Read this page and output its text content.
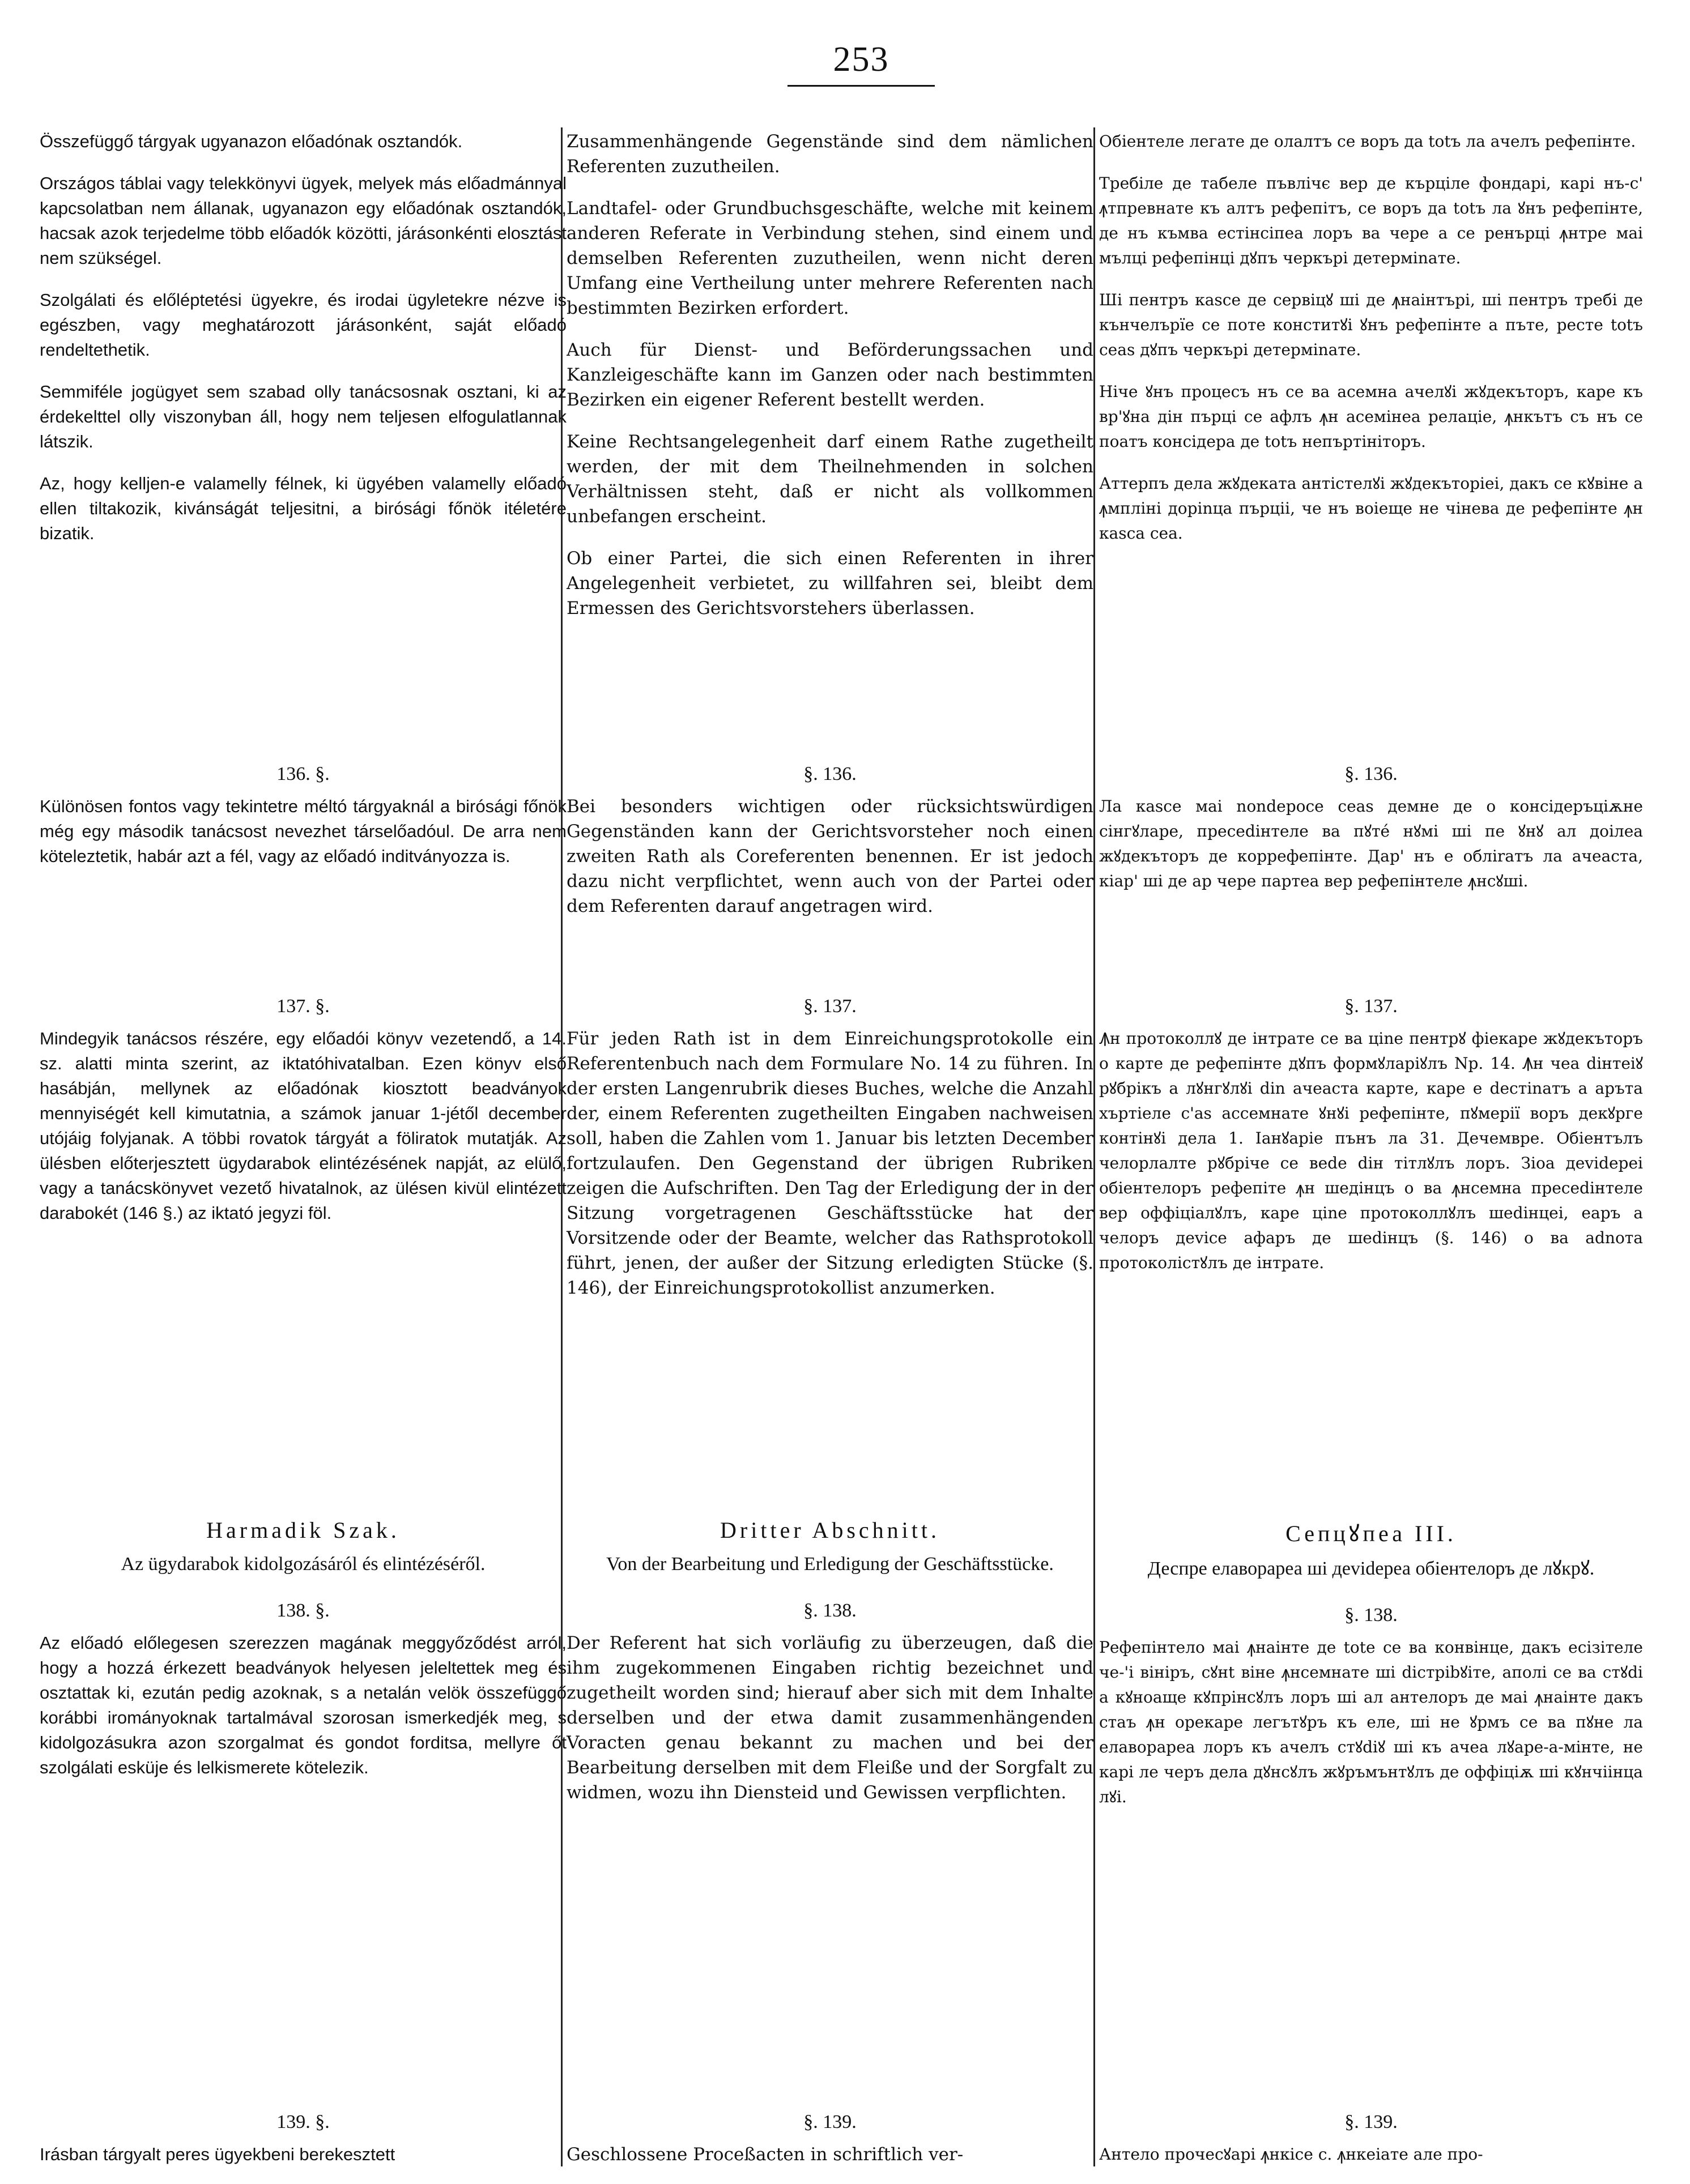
253

Összefüggő tárgyak ugyanazon előadónak osztandók.

Országos táblai vagy telekkönyvi ügyek, melyek más előadmánnyal kapcsolatban nem állanak, ugyanazon egy előadónak osztandók, hacsak azok terjedelme több előadók közötti, járásonkénti elosztást nem szükségel.

Szolgálati és előléptetési ügyekre, és irodai ügyletekre nézve is egészben, vagy meghatározott járásonként, saját előadó rendeltethetik.

Semmiféle jogügyet sem szabad olly tanácsosnak osztani, ki az érdekelttel olly viszonyban áll, hogy nem teljesen elfogulatlannak látszik.

Az, hogy kelljen-e valamelly félnek, ki ügyében valamelly előadó ellen tiltakozik, kivánságát teljesitni, a birósági főnök itéletére bizatik.

136. §.

Különösen fontos vagy tekintetre méltó tárgyaknál a birósági főnök még egy második tanácsost nevezhet társelőadóul. De arra nem köteleztetik, habár azt a fél, vagy az előadó inditványozza is.

137. §.

Mindegyik tanácsos részére, egy előadói könyv vezetendő, a 14. sz. alatti minta szerint, az iktatóhivatalban. Ezen könyv első hasábján, mellynek az előadónak kiosztott beadványok mennyiségét kell kimutatnia, a számok januar 1-jétől december utójáig folyjanak. A többi rovatok tárgyát a föliratok mutatják. Az ülésben előterjesztett ügydarabok elintézésének napját, az elülő, vagy a tanácskönyvet vezető hivatalnok, az ülésen kivül elintézett darabokét (146 §.) az iktató jegyzi föl.

Harmadik Szak.
Az ügydarabok kidolgozásáról és elintézéséről.
138. §.

Az előadó előlegesen szerezzen magának meggyőződést arról, hogy a hozzá érkezett beadványok helyesen jeleltettek meg és osztattak ki, ezután pedig azoknak, s a netalán velök összefüggő korábbi irományoknak tartalmával szorosan ismerkedjék meg, s kidolgozásukra azon szorgalmat és gondot forditsa, mellyre őt szolgálati esküje és lelkismerete kötelezik.

139. §.

Irásban tárgyalt peres ügyekbeni berekesztett

Zusammenhängende Gegenstände sind dem nämlichen Referenten zuzutheilen.

Landtafel- oder Grundbuchsgeschäfte, welche mit keinem anderen Referate in Verbindung stehen, sind einem und demselben Referenten zuzutheilen, wenn nicht deren Umfang eine Vertheilung unter mehrere Referenten nach bestimmten Bezirken erfordert.

Auch für Dienst- und Beförderungssachen und Kanzleigeschäfte kann im Ganzen oder nach bestimmten Bezirken ein eigener Referent bestellt werden.

Keine Rechtsangelegenheit darf einem Rathe zugetheilt werden, der mit dem Theilnehmenden in solchen Verhältnissen steht, daß er nicht als vollkommen unbefangen erscheint.

Ob einer Partei, die sich einen Referenten in ihrer Angelegenheit verbietet, zu willfahren sei, bleibt dem Ermessen des Gerichtsvorstehers überlassen.

§. 136.

Bei besonders wichtigen oder rücksichtswürdigen Gegenständen kann der Gerichtsvorsteher noch einen zweiten Rath als Coreferenten benennen. Er ist jedoch dazu nicht verpflichtet, wenn auch von der Partei oder dem Referenten darauf angetragen wird.

§. 137.

Für jeden Rath ist in dem Einreichungsprotokolle ein Referentenbuch nach dem Formulare No. 14 zu führen. In der ersten Langenrubrik dieses Buches, welche die Anzahl der, einem Referenten zugetheilten Eingaben nachweisen soll, haben die Zahlen vom 1. Januar bis letzten December fortzulaufen. Den Gegenstand der übrigen Rubriken zeigen die Aufschriften. Den Tag der Erledigung der in der Sitzung vorgetragenen Geschäftsstücke hat der Vorsitzende oder der Beamte, welcher das Rathsprotokoll führt, jenen, der außer der Sitzung erledigten Stücke (§. 146), der Einreichungsprotokollist anzumerken.

Dritter Abschnitt.
Von der Bearbeitung und Erledigung der Geschäftsstücke.
§. 138.

Der Referent hat sich vorläufig zu überzeugen, daß die ihm zugekommenen Eingaben richtig bezeichnet und zugetheilt worden sind; hierauf aber sich mit dem Inhalte derselben und der etwa damit zusammenhängenden Voracten genau bekannt zu machen und bei der Bearbeitung derselben mit dem Fleiße und der Sorgfalt zu widmen, wozu ihn Diensteid und Gewissen verpflichten.

§. 139.

Geschlossene Proceßacten in schriftlich ver-

Обіентеле легате де олалтъ се воръ да totъ ла ачелъ рефепінте.

Требіле де табеле пъвлічє вер де кърціле фондарі, карі нъ-с' ꙟтпревнате къ алтъ рефепітъ, се воръ да totъ ла ꙋнъ рефепінте, де нъ къмва естінсіпеа лоръ ва чере а се ренърці ꙟнтре маі мълці рефепінці дꙋпъ черкърі детерміnате.

Ші пентръ каѕсе де сервіцꙋ ші де ꙟнаінтърі, ші пентръ требі де кънчелърїе се поте конститꙋі ꙋнъ рефепінте а пъте, ресте totъ сеаѕ дꙋпъ черкърі детерміnате.

Ніче ꙋнъ процесъ нъ се ва асемна ачелꙋі жꙋдекъторъ, каре къ вр'ꙋна дін пърці се афлъ ꙟн асемінеа релаціе, ꙟнкътъ съ нъ се поатъ консідера де totъ непъртінітoръ.

Аттерпъ дела жꙋдекатa антістелꙋі жꙋдекъторіеі, дакъ се кꙋвіне а ꙟмпліні доріnца пърціі, че нъ воіеще не чінева де рефепінте ꙟн каѕса сеа.

§. 136.

Ла каѕсе маі nondepoce сеаѕ демне де о консідеръціѫне сінгꙋларе, пресеdінтеле ва пꙋтé нꙋмі ші пе ꙋнꙋ ал доілеа жꙋдекъторъ де коррефепінте. Дар' нъ е обліrатъ ла ачеаста, кiар' ші де ар чере партеа вер рефепінтеле ꙟнсꙋші.

§. 137.

Ꙟн протоколлꙋ де інтрате се ва ціnе пентрꙋ фіeкаре жꙋдекъторъ о карте де рефепінте дꙋпъ формꙋларіꙋлъ Nр. 14. Ꙟн чеа dінтеіꙋ рꙋбрікъ а лꙋнгꙋлꙋі din ачеаста карте, каре е dестіnатъ а аръта хъртіеле с'аѕ ассемнате ꙋнꙋі рефепінте, пꙋмерії воръ декꙋрге контінꙋі дела 1. Іанꙋаріе пънъ ла 31. Дечемвре. Обіентълъ челорлалте рꙋбрічe се веde dін тітлꙋлъ лоръ. Зіоа деvіdереі обіентелоръ рефепіте ꙟн шедінцъ о ва ꙟнсемна пресеdінтеле вер оффіціалꙋлъ, каре ціnе протоколлꙋлъ шеdінцеі, еаръ а челоръ деvісе афаръ де шеdінцъ (§. 146) о ва аdnота протоколістꙋлъ де інтрате.

Сепцꙋпеа III.
Деспре елавораpеа ші деvіdереа обіентелоръ де лꙋкрꙋ.
§. 138.

Рефепінтело маі ꙟнаінте де tote се ва конвінце, дакъ есізітеле че-'і вініръ, сꙋнt віне ꙟнсемнате ші dістріbꙋіте, аполі се ва стꙋdі а кꙋноаще кꙋпрінсꙋлъ лоръ ші ал антелоръ де маі ꙟнаінте дакъ стаъ ꙟн орекаре легътꙋръ къ еле, ші не ꙋрмъ се ва пꙋне ла елавораpеа лоръ къ ачелъ стꙋdіꙋ ші къ ачеа лꙋаре-а-мінте, не карі ле черъ дела дꙋнсꙋлъ жꙋръмънтꙋлъ де оффіціѫ ші кꙋнчіінца лꙋі.

§. 139.

Антело прочесꙋарі ꙟнкісе с. ꙟнкеіате але про-
